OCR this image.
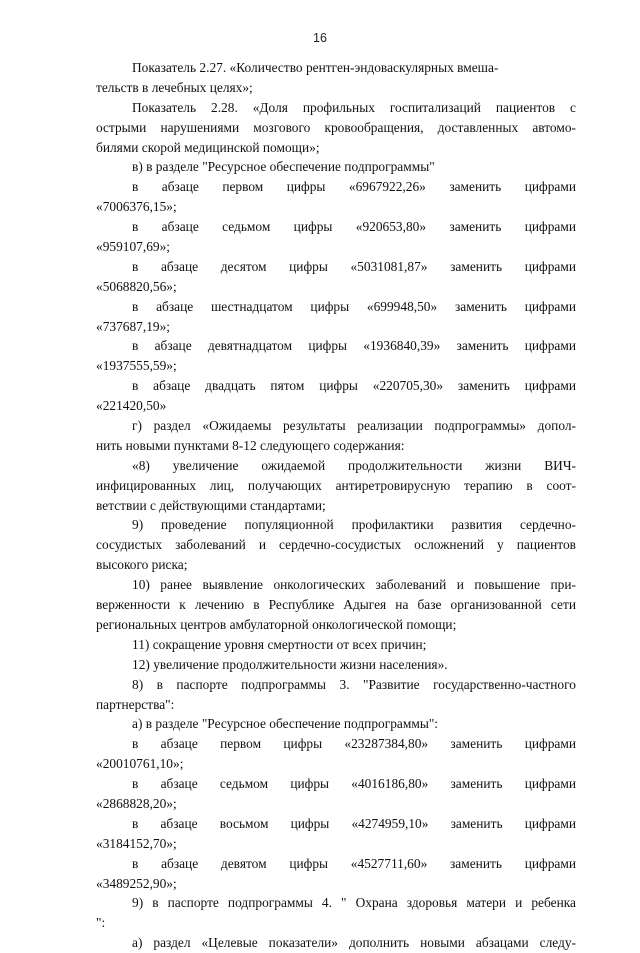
16
Показатель 2.27. «Количество рентген-эндоваскулярных вмеша-
тельств в лечебных целях»;
Показатель 2.28. «Доля профильных госпитализаций пациентов с
острыми нарушениями мозгового кровообращения, доставленных автомо-
билями скорой медицинской помощи»;
в) в разделе "Ресурсное обеспечение подпрограммы"
в абзаце первом цифры «6967922,26» заменить цифрами
«7006376,15»;
в абзаце седьмом цифры «920653,80» заменить цифрами
«959107,69»;
в абзаце десятом цифры «5031081,87» заменить цифрами
«5068820,56»;
в абзаце шестнадцатом цифры «699948,50» заменить цифрами
«737687,19»;
в абзаце девятнадцатом цифры «1936840,39» заменить цифрами
«1937555,59»;
в абзаце двадцать пятом цифры «220705,30» заменить цифрами
«221420,50»
г) раздел «Ожидаемы результаты реализации подпрограммы» допол-
нить новыми пунктами 8-12 следующего содержания:
«8) увеличение ожидаемой продолжительности жизни ВИЧ-
инфицированных лиц, получающих антиретровирусную терапию в соот-
ветствии с действующими стандартами;
9) проведение популяционной профилактики развития сердечно-
сосудистых заболеваний и сердечно-сосудистых осложнений у пациентов
высокого риска;
10) ранее выявление онкологических заболеваний и повышение при-
верженности к лечению в Республике Адыгея на базе организованной сети
региональных центров амбулаторной онкологической помощи;
11) сокращение уровня смертности от всех причин;
12) увеличение продолжительности жизни населения».
8) в паспорте подпрограммы 3. "Развитие государственно-частного
партнерства":
а) в разделе "Ресурсное обеспечение подпрограммы":
в абзаце первом цифры «23287384,80» заменить цифрами
«20010761,10»;
в абзаце седьмом цифры «4016186,80» заменить цифрами
«2868828,20»;
в абзаце восьмом цифры «4274959,10» заменить цифрами
«3184152,70»;
в абзаце девятом цифры «4527711,60» заменить цифрами
«3489252,90»;
9) в паспорте подпрограммы 4. " Охрана здоровья матери и ребенка
":
а) раздел «Целевые показатели» дополнить новыми абзацами следу-
